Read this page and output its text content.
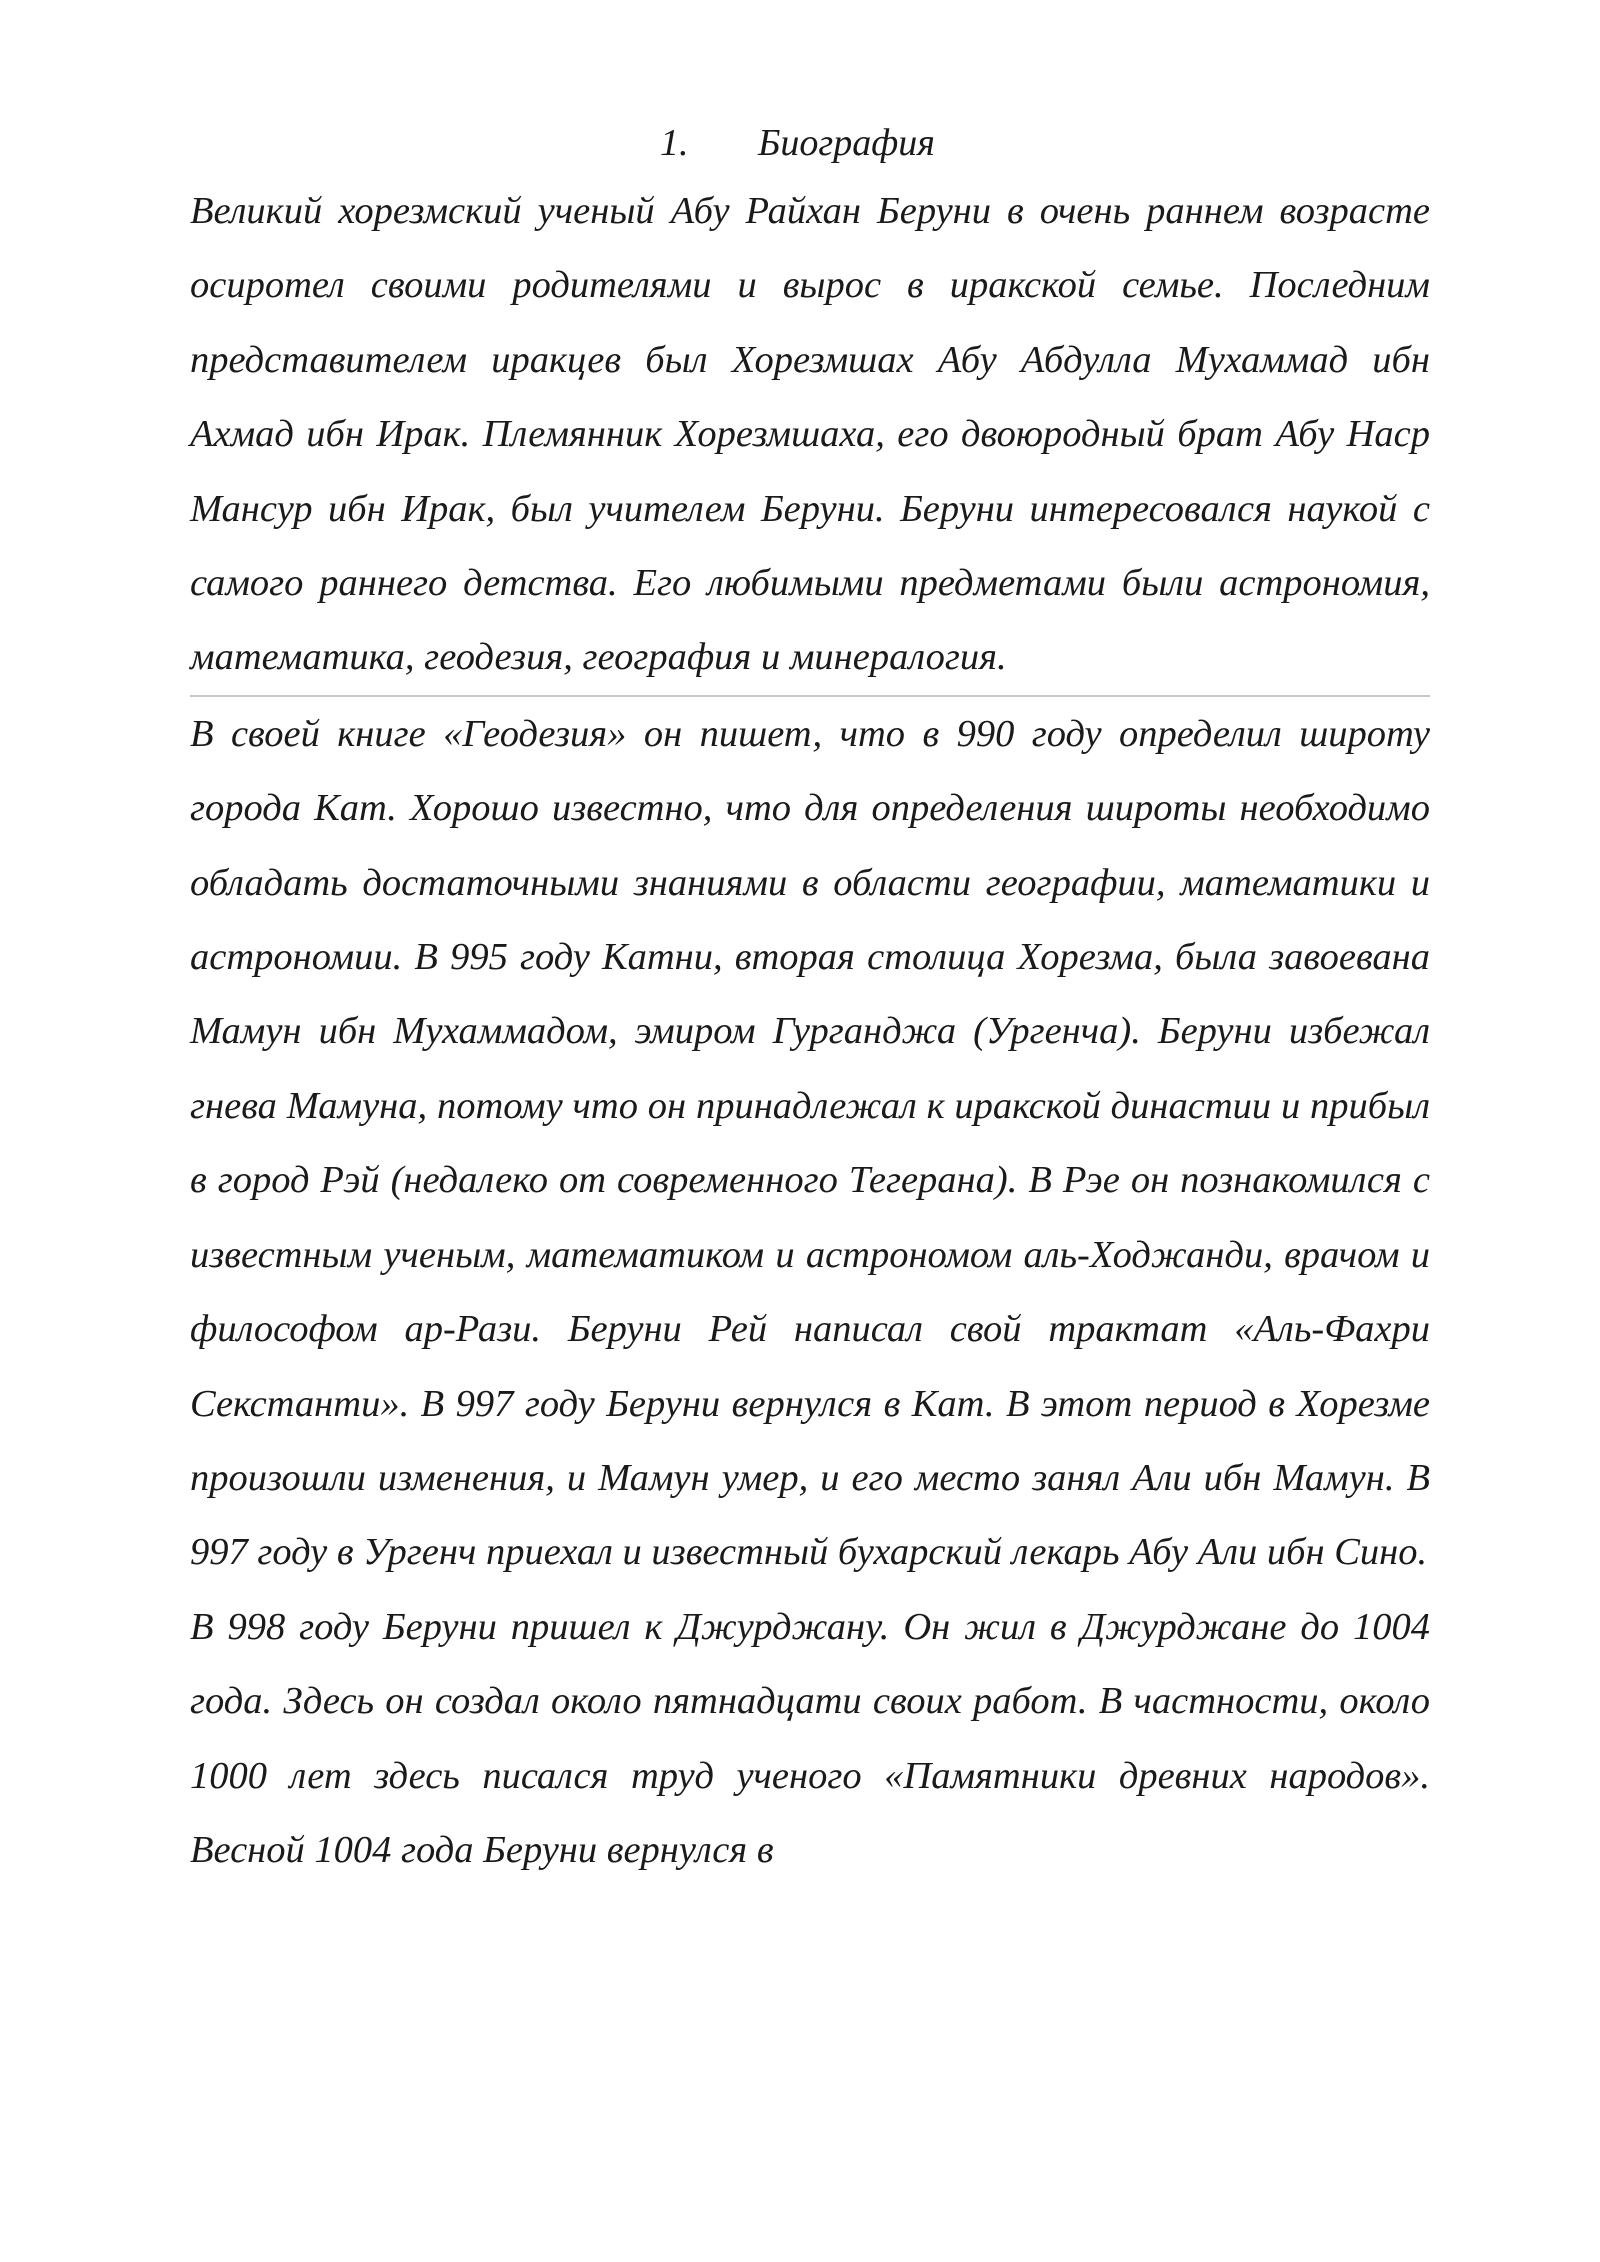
1. Биография

Великий хорезмский ученый Абу Райхан Беруни в очень раннем возрасте осиротел своими родителями и вырос в иракской семье. Последним представителем иракцев был Хорезмшах Абу Абдулла Мухаммад ибн Ахмад ибн Ирак. Племянник Хорезмшаха, его двоюродный брат Абу Наср Мансур ибн Ирак, был учителем Беруни. Беруни интересовался наукой с самого раннего детства. Его любимыми предметами были астрономия, математика, геодезия, география и минералогия.

В своей книге «Геодезия» он пишет, что в 990 году определил широту города Кат. Хорошо известно, что для определения широты необходимо обладать достаточными знаниями в области географии, математики и астрономии. В 995 году Катни, вторая столица Хорезма, была завоевана Мамун ибн Мухаммадом, эмиром Гурганджа (Ургенча). Беруни избежал гнева Мамуна, потому что он принадлежал к иракской династии и прибыл в город Рэй (недалеко от современного Тегерана). В Рэе он познакомился с известным ученым, математиком и астрономом аль-Ходжанди, врачом и философом ар-Рази. Беруни Рей написал свой трактат «Аль-Фахри Секстанти». В 997 году Беруни вернулся в Кат. В этот период в Хорезме произошли изменения, и Мамун умер, и его место занял Али ибн Мамун. В 997 году в Ургенч приехал и известный бухарский лекарь Абу Али ибн Сино.

В 998 году Беруни пришел к Джурджану. Он жил в Джурджане до 1004 года. Здесь он создал около пятнадцати своих работ. В частности, около 1000 лет здесь писался труд ученого «Памятники древних народов». Весной 1004 года Беруни вернулся в
